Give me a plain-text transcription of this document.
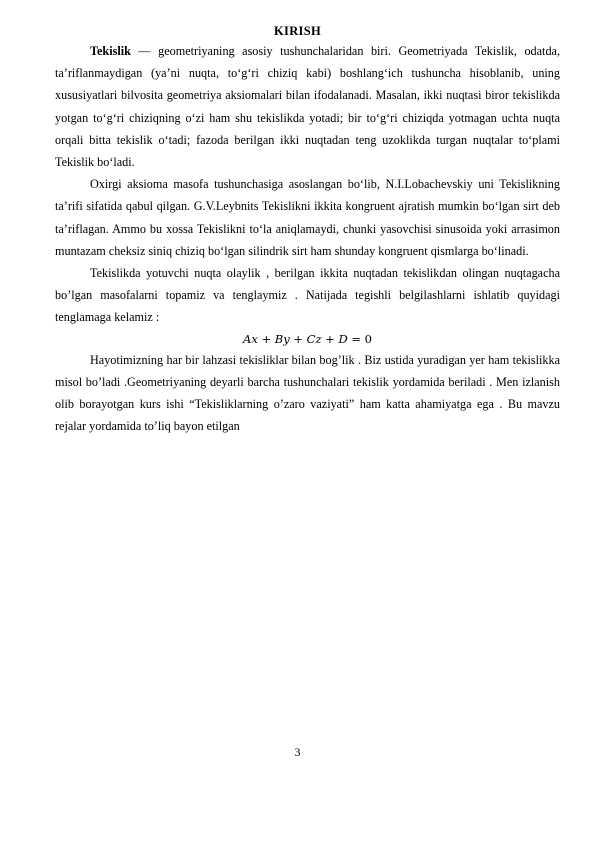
KIRISH

Tekislik — geometriyaning asosiy tushunchalaridan biri. Geometriyada Tekislik, odatda, ta’riflanmaydigan (ya’ni nuqta, to‘g‘ri chiziq kabi) boshlang‘ich tushuncha hisoblanib, uning xususiyatlari bilvosita geometriya aksiomalari bilan ifodalanadi. Masalan, ikki nuqtasi biror tekislikda yotgan to‘g‘ri chiziqning o‘zi ham shu tekislikda yotadi; bir to‘g‘ri chiziqda yotmagan uchta nuqta orqali bitta tekislik o‘tadi; fazoda berilgan ikki nuqtadan teng uzoklikda turgan nuqtalar to‘plami Tekislik bo‘ladi.

Oxirgi aksioma masofa tushunchasiga asoslangan bo‘lib, N.I.Lobachevskiy uni Tekislikning ta’rifi sifatida qabul qilgan. G.V.Leybnits Tekislikni ikkita kongruent ajratish mumkin bo‘lgan sirt deb ta’riflagan. Ammo bu xossa Tekislikni to‘la aniqlamaydi, chunki yasovchisi sinusoida yoki arrasimon muntazam cheksiz siniq chiziq bo‘lgan silindrik sirt ham shunday kongruent qismlarga bo‘linadi.

Tekislikda yotuvchi nuqta olaylik , berilgan ikkita nuqtadan tekislikdan olingan nuqtagacha bo’lgan masofalarni topamiz va tenglaymiz . Natijada tegishli belgilashlarni ishlatib quyidagi tenglamaga kelamiz :

Ax + By + Cz + D = 0

Hayotimizning har bir lahzasi tekisliklar bilan bog’lik . Biz ustida yuradigan yer ham tekislikka misol bo’ladi .Geometriyaning deyarli barcha tushunchalari tekislik yordamida beriladi . Men izlanish olib borayotgan kurs ishi “Tekisliklarning o’zaro vaziyati” ham katta ahamiyatga ega . Bu mavzu rejalar yordamida to’liq bayon etilgan

3
